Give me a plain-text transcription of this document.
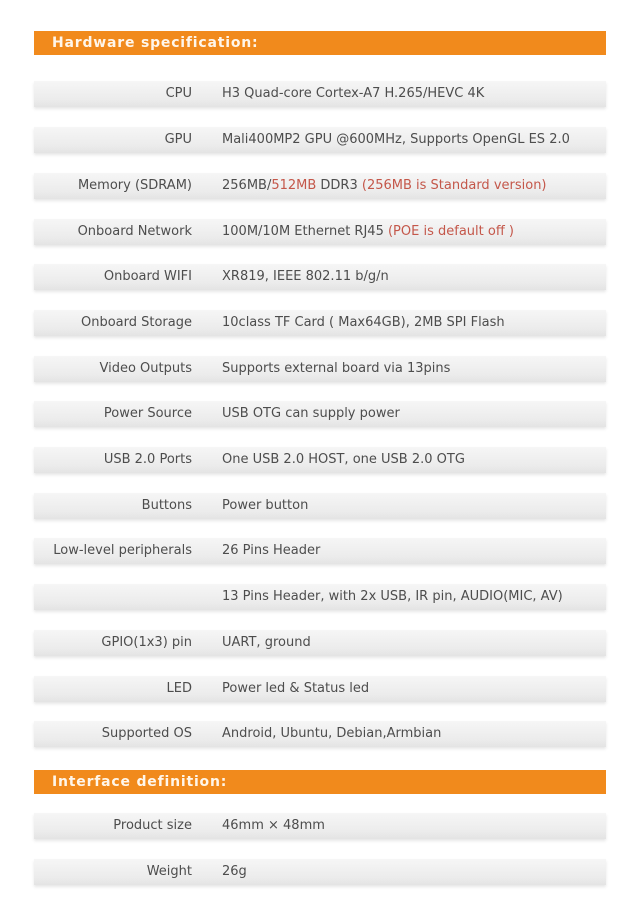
Hardware specification:
CPU H3 Quad-core Cortex-A7 H.265/HEVC 4K
GPU Mali400MP2 GPU @600MHz, Supports OpenGL ES 2.0
Memory (SDRAM) 256MB/512MB DDR3 (256MB is Standard version)
Onboard Network 100M/10M Ethernet RJ45 (POE is default off )
Onboard WIFI XR819, IEEE 802.11 b/g/n
Onboard Storage 10class TF Card ( Max64GB), 2MB SPI Flash
Video Outputs Supports external board via 13pins
Power Source USB OTG can supply power
USB 2.0 Ports One USB 2.0 HOST, one USB 2.0 OTG
Buttons Power button
Low-level peripherals 26 Pins Header
13 Pins Header, with 2x USB, IR pin, AUDIO(MIC, AV)
GPIO(1x3) pin UART, ground
LED Power led & Status led
Supported OS Android, Ubuntu, Debian,Armbian
Interface definition:
Product size 46mm × 48mm
Weight 26g
